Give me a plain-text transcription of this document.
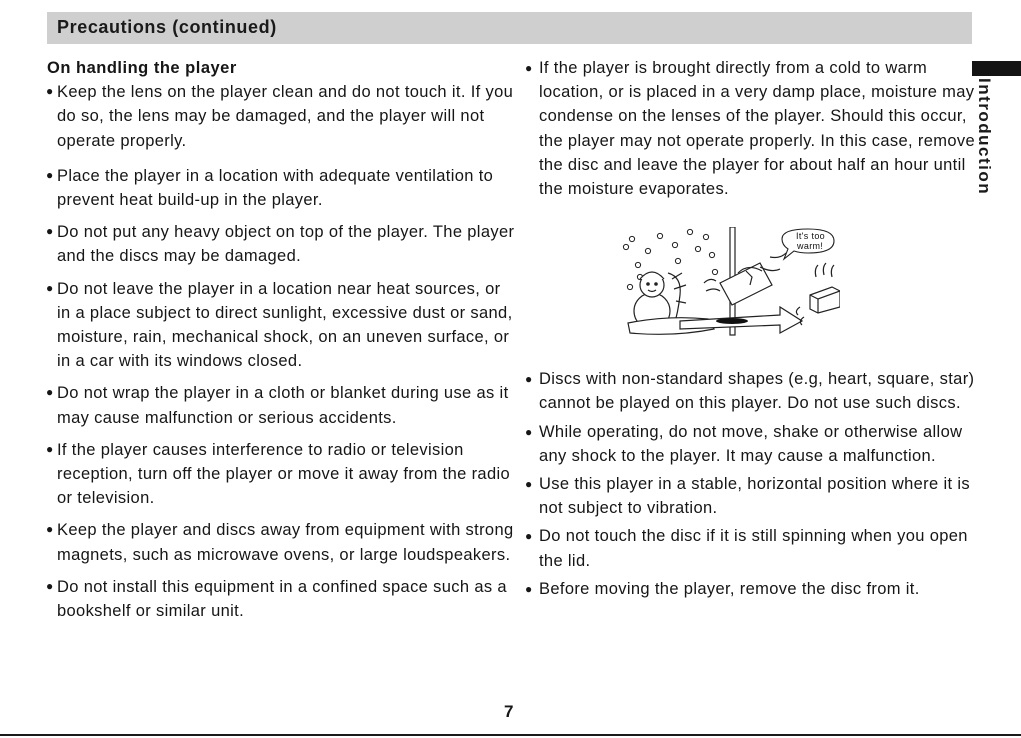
Precautions (continued)
Introduction
On handling the player
● Keep the lens on the player clean and do not touch it. If you do so, the lens may be damaged, and the player will not operate properly.
● Place the player in a location with adequate ventilation to prevent heat build-up in the player.
● Do not put any heavy object on top of the player. The player and the discs may be damaged.
● Do not leave the player in a location near heat sources, or in a place subject to direct sunlight, excessive dust or sand, moisture, rain, mechanical shock, on an uneven surface, or in a car with its windows closed.
● Do not wrap the player in a cloth or blanket during use as it may cause malfunction or serious accidents.
● If the player causes interference to radio or television reception, turn off the player or move it away from the radio or television.
● Keep the player and discs away from equipment with strong magnets, such as microwave ovens, or large loudspeakers.
● Do not install this equipment in a confined space such as a bookshelf or similar unit.
● If the player is brought directly from a cold to warm location, or is placed in a very damp place, moisture may condense on the lenses of the player. Should this occur, the player may not operate properly. In this case, remove the disc and leave the player for about half an hour until the moisture evaporates.
It's too
warm!
● Discs with non-standard shapes (e.g, heart, square, star) cannot be played on this player. Do not use such discs.
● While operating, do not move, shake or otherwise allow any shock to the player. It may cause a malfunction.
● Use this player in a stable, horizontal position where it is not subject to vibration.
● Do not touch the disc if it is still spinning when you open the lid.
● Before moving the player, remove the disc from it.
7
